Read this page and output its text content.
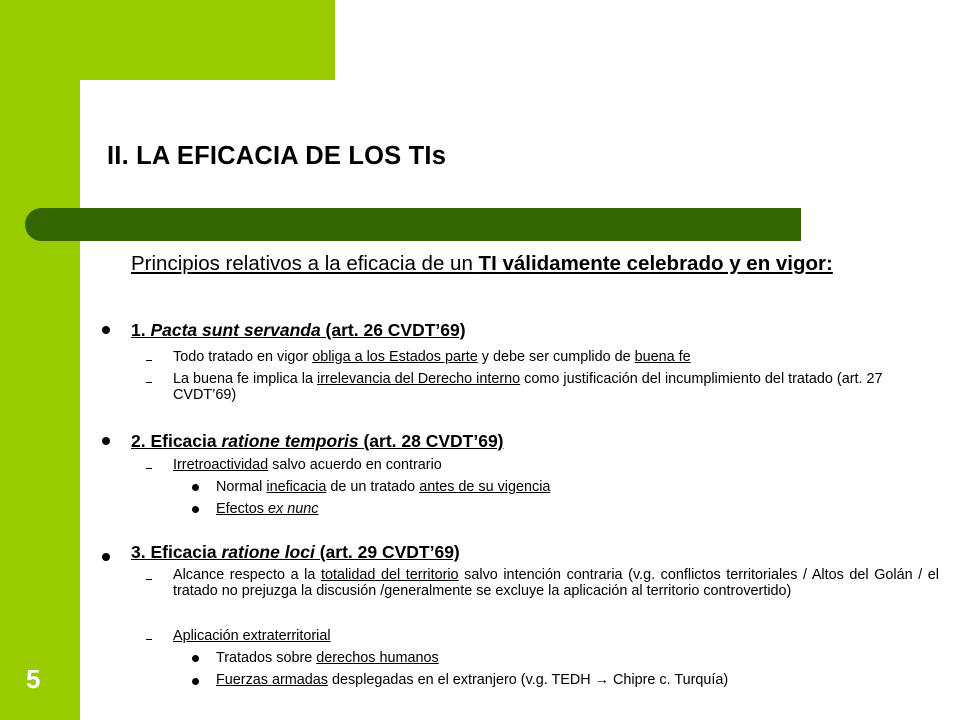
II. LA EFICACIA DE LOS TIs
5
Principios relativos a la eficacia de un TI válidamente celebrado y en vigor:
1. Pacta sunt servanda (art. 26 CVDT’69)
Todo tratado en vigor obliga a los Estados parte y debe ser cumplido de buena fe
La buena fe implica la irrelevancia del Derecho interno como justificación del incumplimiento del tratado (art. 27 CVDT’69)
2. Eficacia ratione temporis (art. 28 CVDT’69)
Irretroactividad salvo acuerdo en contrario
Normal ineficacia de un tratado antes de su vigencia
Efectos ex nunc
3. Eficacia ratione loci (art. 29 CVDT’69)
Alcance respecto a la totalidad del territorio salvo intención contraria (v.g. conflictos territoriales / Altos del Golán / el tratado no prejuzga la discusión /generalmente se excluye la aplicación al territorio controvertido)
Aplicación extraterritorial
Tratados sobre derechos humanos
Fuerzas armadas desplegadas en el extranjero (v.g. TEDH → Chipre c. Turquía)
